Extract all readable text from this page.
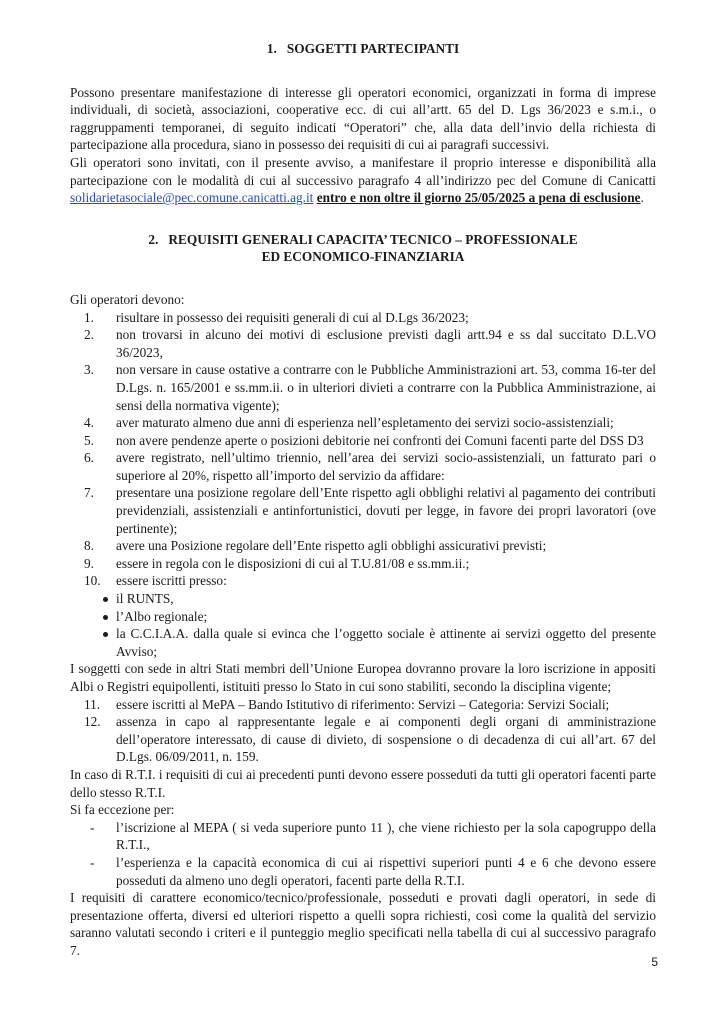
1. SOGGETTI PARTECIPANTI

Possono presentare manifestazione di interesse gli operatori economici, organizzati in forma di imprese individuali, di società, associazioni, cooperative ecc. di cui all’artt. 65 del D. Lgs 36/2023 e s.m.i., o raggruppamenti temporanei, di seguito indicati “Operatori” che, alla data dell’invio della richiesta di partecipazione alla procedura, siano in possesso dei requisiti di cui ai paragrafi successivi.

Gli operatori sono invitati, con il presente avviso, a manifestare il proprio interesse e disponibilità alla partecipazione con le modalità di cui al successivo paragrafo 4 all’indirizzo pec del Comune di Canicatti solidarietasociale@pec.comune.canicatti.ag.it entro e non oltre il giorno 25/05/2025 a pena di esclusione.

2. REQUISITI GENERALI CAPACITA’ TECNICO – PROFESSIONALE
ED ECONOMICO-FINANZIARIA

Gli operatori devono:

1. risultare in possesso dei requisiti generali di cui al D.Lgs 36/2023;
2. non trovarsi in alcuno dei motivi di esclusione previsti dagli artt.94 e ss dal succitato D.L.VO 36/2023,
3. non versare in cause ostative a contrarre con le Pubbliche Amministrazioni art. 53, comma 16-ter del D.Lgs. n. 165/2001 e ss.mm.ii. o in ulteriori divieti a contrarre con la Pubblica Amministrazione, ai sensi della normativa vigente);
4. aver maturato almeno due anni di esperienza nell’espletamento dei servizi socio-assistenziali;
5. non avere pendenze aperte o posizioni debitorie nei confronti dei Comuni facenti parte del DSS D3
6. avere registrato, nell’ultimo triennio, nell’area dei servizi socio-assistenziali, un fatturato pari o superiore al 20%, rispetto all’importo del servizio da affidare:
7. presentare una posizione regolare dell’Ente rispetto agli obblighi relativi al pagamento dei contributi previdenziali, assistenziali e antinfortunistici, dovuti per legge, in favore dei propri lavoratori (ove pertinente);
8. avere una Posizione regolare dell’Ente rispetto agli obblighi assicurativi previsti;
9. essere in regola con le disposizioni di cui al T.U.81/08 e ss.mm.ii.;
10. essere iscritti presso:
il RUNTS,
l’Albo regionale;
la C.C.I.A.A. dalla quale si evinca che l’oggetto sociale è attinente ai servizi oggetto del presente Avviso;

I soggetti con sede in altri Stati membri dell’Unione Europea dovranno provare la loro iscrizione in appositi Albi o Registri equipollenti, istituiti presso lo Stato in cui sono stabiliti, secondo la disciplina vigente;

11. essere iscritti al MePA – Bando Istitutivo di riferimento: Servizi – Categoria: Servizi Sociali;
12. assenza in capo al rappresentante legale e ai componenti degli organi di amministrazione dell’operatore interessato, di cause di divieto, di sospensione o di decadenza di cui all’art. 67 del D.Lgs. 06/09/2011, n. 159.

In caso di R.T.I. i requisiti di cui ai precedenti punti devono essere posseduti da tutti gli operatori facenti parte dello stesso R.T.I.

Si fa eccezione per:

- l’iscrizione al MEPA ( si veda superiore punto 11 ), che viene richiesto per la sola capogruppo della R.T.I.,
- l’esperienza e la capacità economica di cui ai rispettivi superiori punti 4 e 6 che devono essere posseduti da almeno uno degli operatori, facenti parte della R.T.I.

I requisiti di carattere economico/tecnico/professionale, posseduti e provati dagli operatori, in sede di presentazione offerta, diversi ed ulteriori rispetto a quelli sopra richiesti, così come la qualità del servizio saranno valutati secondo i criteri e il punteggio meglio specificati nella tabella di cui al successivo paragrafo 7.

5
